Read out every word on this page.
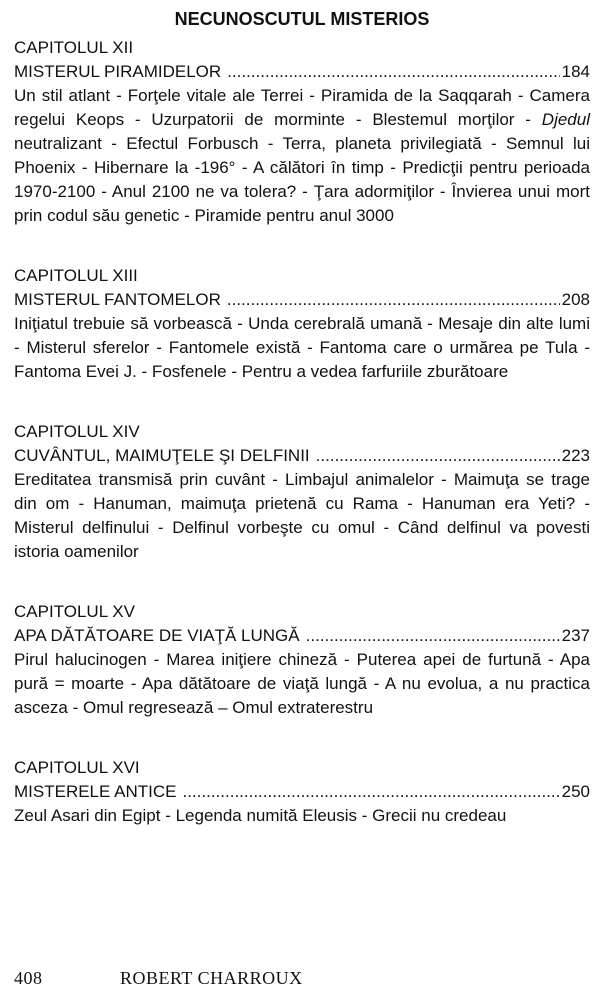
NECUNOSCUTUL MISTERIOS
CAPITOLUL XII
MISTERUL PIRAMIDELOR .....	184

Un stil atlant - Forţele vitale ale Terrei - Piramida de la Saqqarah - Camera regelui Keops - Uzurpatorii de morminte - Blestemul morţilor - Djedul neutralizant - Efectul Forbusch - Terra, planeta privilegiată - Semnul lui Phoenix - Hibernare la -196° - A călători în timp - Predicţii pentru perioada 1970-2100 - Anul 2100 ne va tolera? - Ţara adormiţilor - Învierea unui mort prin codul său genetic - Piramide pentru anul 3000

CAPITOLUL XIII
MISTERUL FANTOMELOR .....	208

Iniţiatul trebuie să vorbească - Unda cerebrală umană - Mesaje din alte lumi - Misterul sferelor - Fantomele există - Fantoma care o urmărea pe Tula - Fantoma Evei J. - Fosfenele - Pentru a vedea farfuriile zburătoare

CAPITOLUL XIV
CUVÂNTUL, MAIMUŢELE ŞI DELFINII .....	223

Ereditatea transmisă prin cuvânt - Limbajul animalelor - Maimuţa se trage din om - Hanuman, maimuţa prietenă cu Rama - Hanuman era Yeti? - Misterul delfinului - Delfinul vorbeşte cu omul - Când delfinul va povesti istoria oamenilor

CAPITOLUL XV
APA DĂTĂTOARE DE VIAŢĂ LUNGĂ .....	237

Pirul halucinogen - Marea iniţiere chineză - Puterea apei de furtună - Apa pură = moarte - Apa dătătoare de viaţă lungă - A nu evolua, a nu practica asceza - Omul regresează – Omul extraterestru

CAPITOLUL XVI
MISTERELE ANTICE .....	250

Zeul Asari din Egipt - Legenda numită Eleusis - Grecii nu credeau

408	ROBERT CHARROUX
